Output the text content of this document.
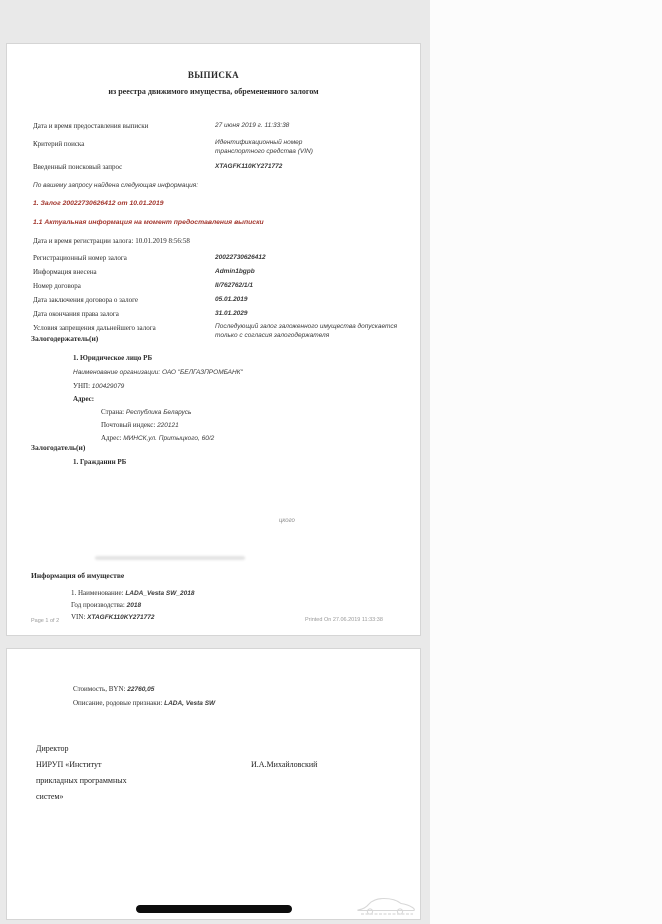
ВЫПИСКА
из реестра движимого имущества, обремененного залогом
Дата и время предоставления выписки	27 июня 2019 г. 11:33:38
Критерий поиска	Идентификационный номер транспортного средства (VIN)
Введенный поисковый запрос	XTAGFK110KY271772
По вашему запросу найдена следующая информация:
1. Залог 20022730626412 от 10.01.2019
1.1 Актуальная информация на момент предоставления выписки
Дата и время регистрации залога: 10.01.2019 8:56:58
Регистрационный номер залога	20022730626412
Информация внесена	Admin1bgpb
Номер договора	II/762762/1/1
Дата заключения договора о залоге	05.01.2019
Дата окончания права залога	31.01.2029
Условия запрещения дальнейшего залога	Последующий залог заложенного имущества допускается только с согласия залогодержателя
Залогодержатель(и)
1. Юридическое лицо РБ
Наименование организации: ОАО "БЕЛГАЗПРОМБАНК"
УНП: 100429079
Адрес:
Страна: Республика Беларусь
Почтовый индекс: 220121
Адрес: МИНСК,ул. Притыцкого, 60/2
Залогодатель(и)
1. Гражданин РБ
цкого
Информация об имуществе
1. Наименование: LADA_Vesta SW_2018
Год производства: 2018
VIN: XTAGFK110KY271772
Page 1 of 2	Printed On 27.06.2019 11:33:38
Стоимость, BYN: 22760,05
Описание, родовые признаки: LADA, Vesta SW
Директор
НИРУП «Институт	И.А.Михайловский
прикладных программных
систем»
